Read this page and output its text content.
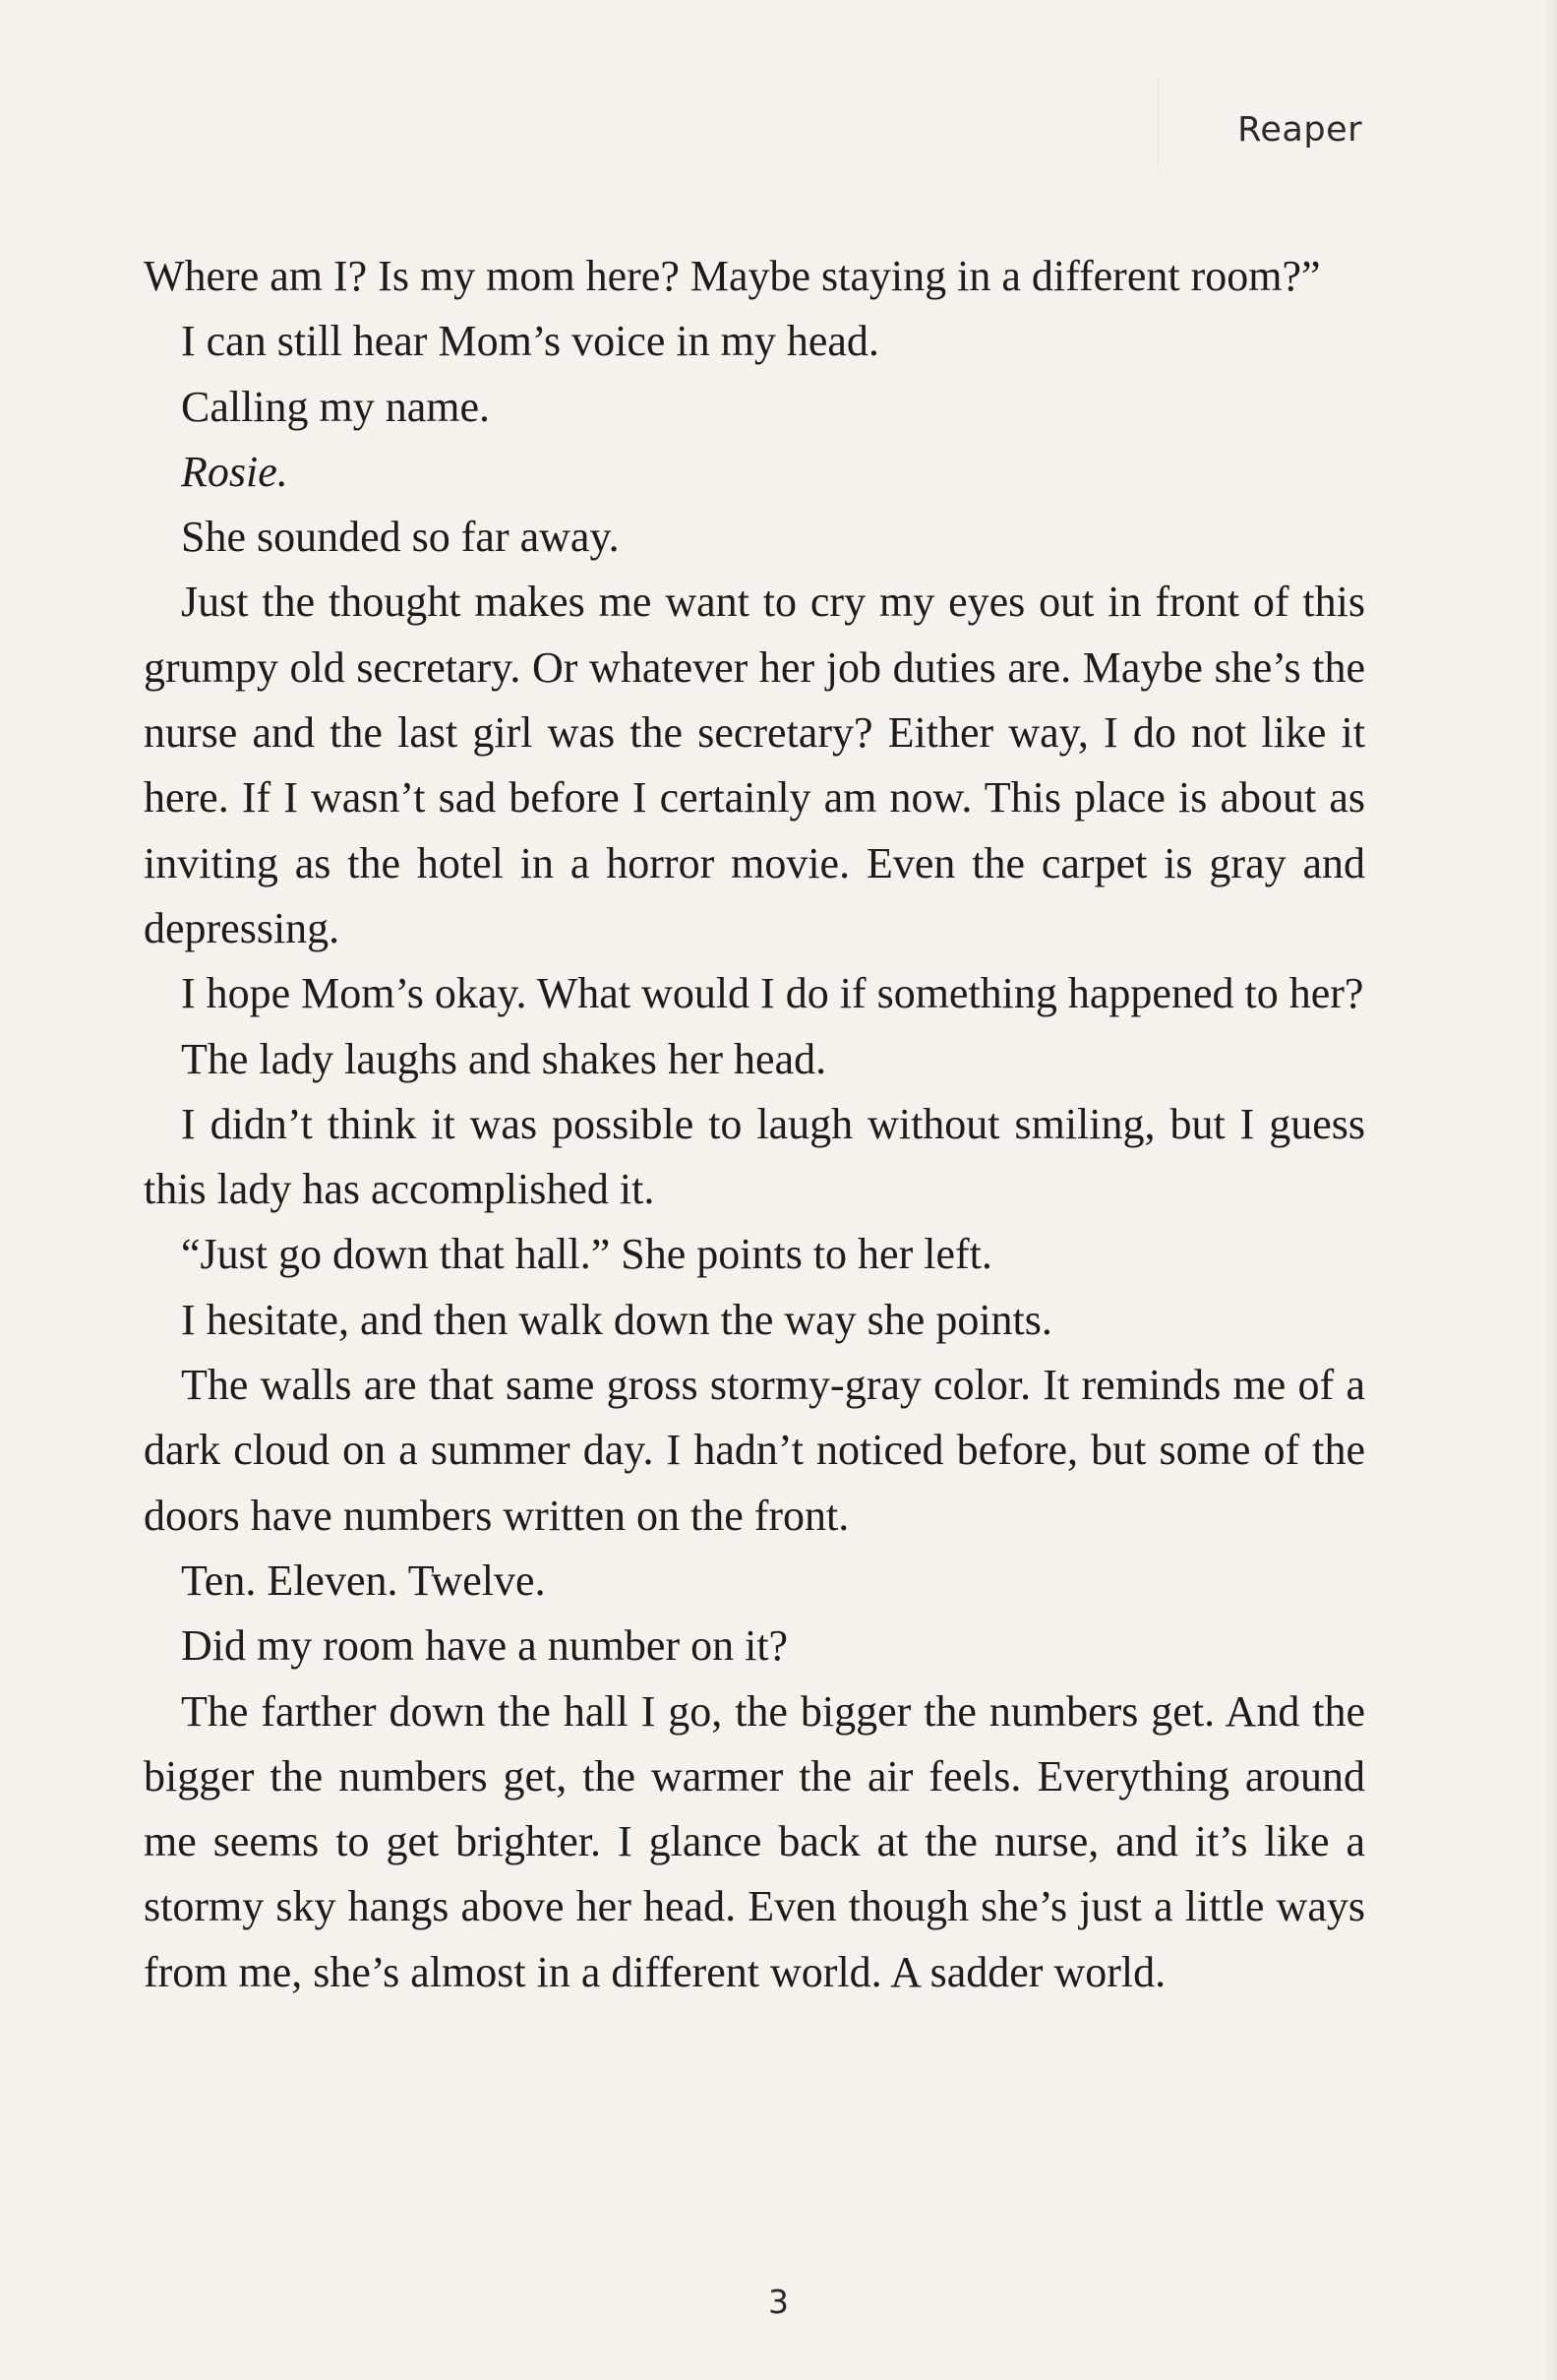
Reaper

Where am I? Is my mom here? Maybe staying in a different room?”

I can still hear Mom’s voice in my head.

Calling my name.

Rosie.

She sounded so far away.

Just the thought makes me want to cry my eyes out in front of this grumpy old secretary. Or whatever her job duties are. Maybe she’s the nurse and the last girl was the secretary? Either way, I do not like it here. If I wasn’t sad before I certainly am now. This place is about as inviting as the hotel in a horror movie. Even the carpet is gray and depressing.

I hope Mom’s okay. What would I do if something happened to her?

The lady laughs and shakes her head.

I didn’t think it was possible to laugh without smiling, but I guess this lady has accomplished it.

“Just go down that hall.” She points to her left.

I hesitate, and then walk down the way she points.

The walls are that same gross stormy-gray color. It reminds me of a dark cloud on a summer day. I hadn’t noticed before, but some of the doors have numbers written on the front.

Ten. Eleven. Twelve.

Did my room have a number on it?

The farther down the hall I go, the bigger the numbers get. And the bigger the numbers get, the warmer the air feels. Everything around me seems to get brighter. I glance back at the nurse, and it’s like a stormy sky hangs above her head. Even though she’s just a little ways from me, she’s almost in a different world. A sadder world.

3
